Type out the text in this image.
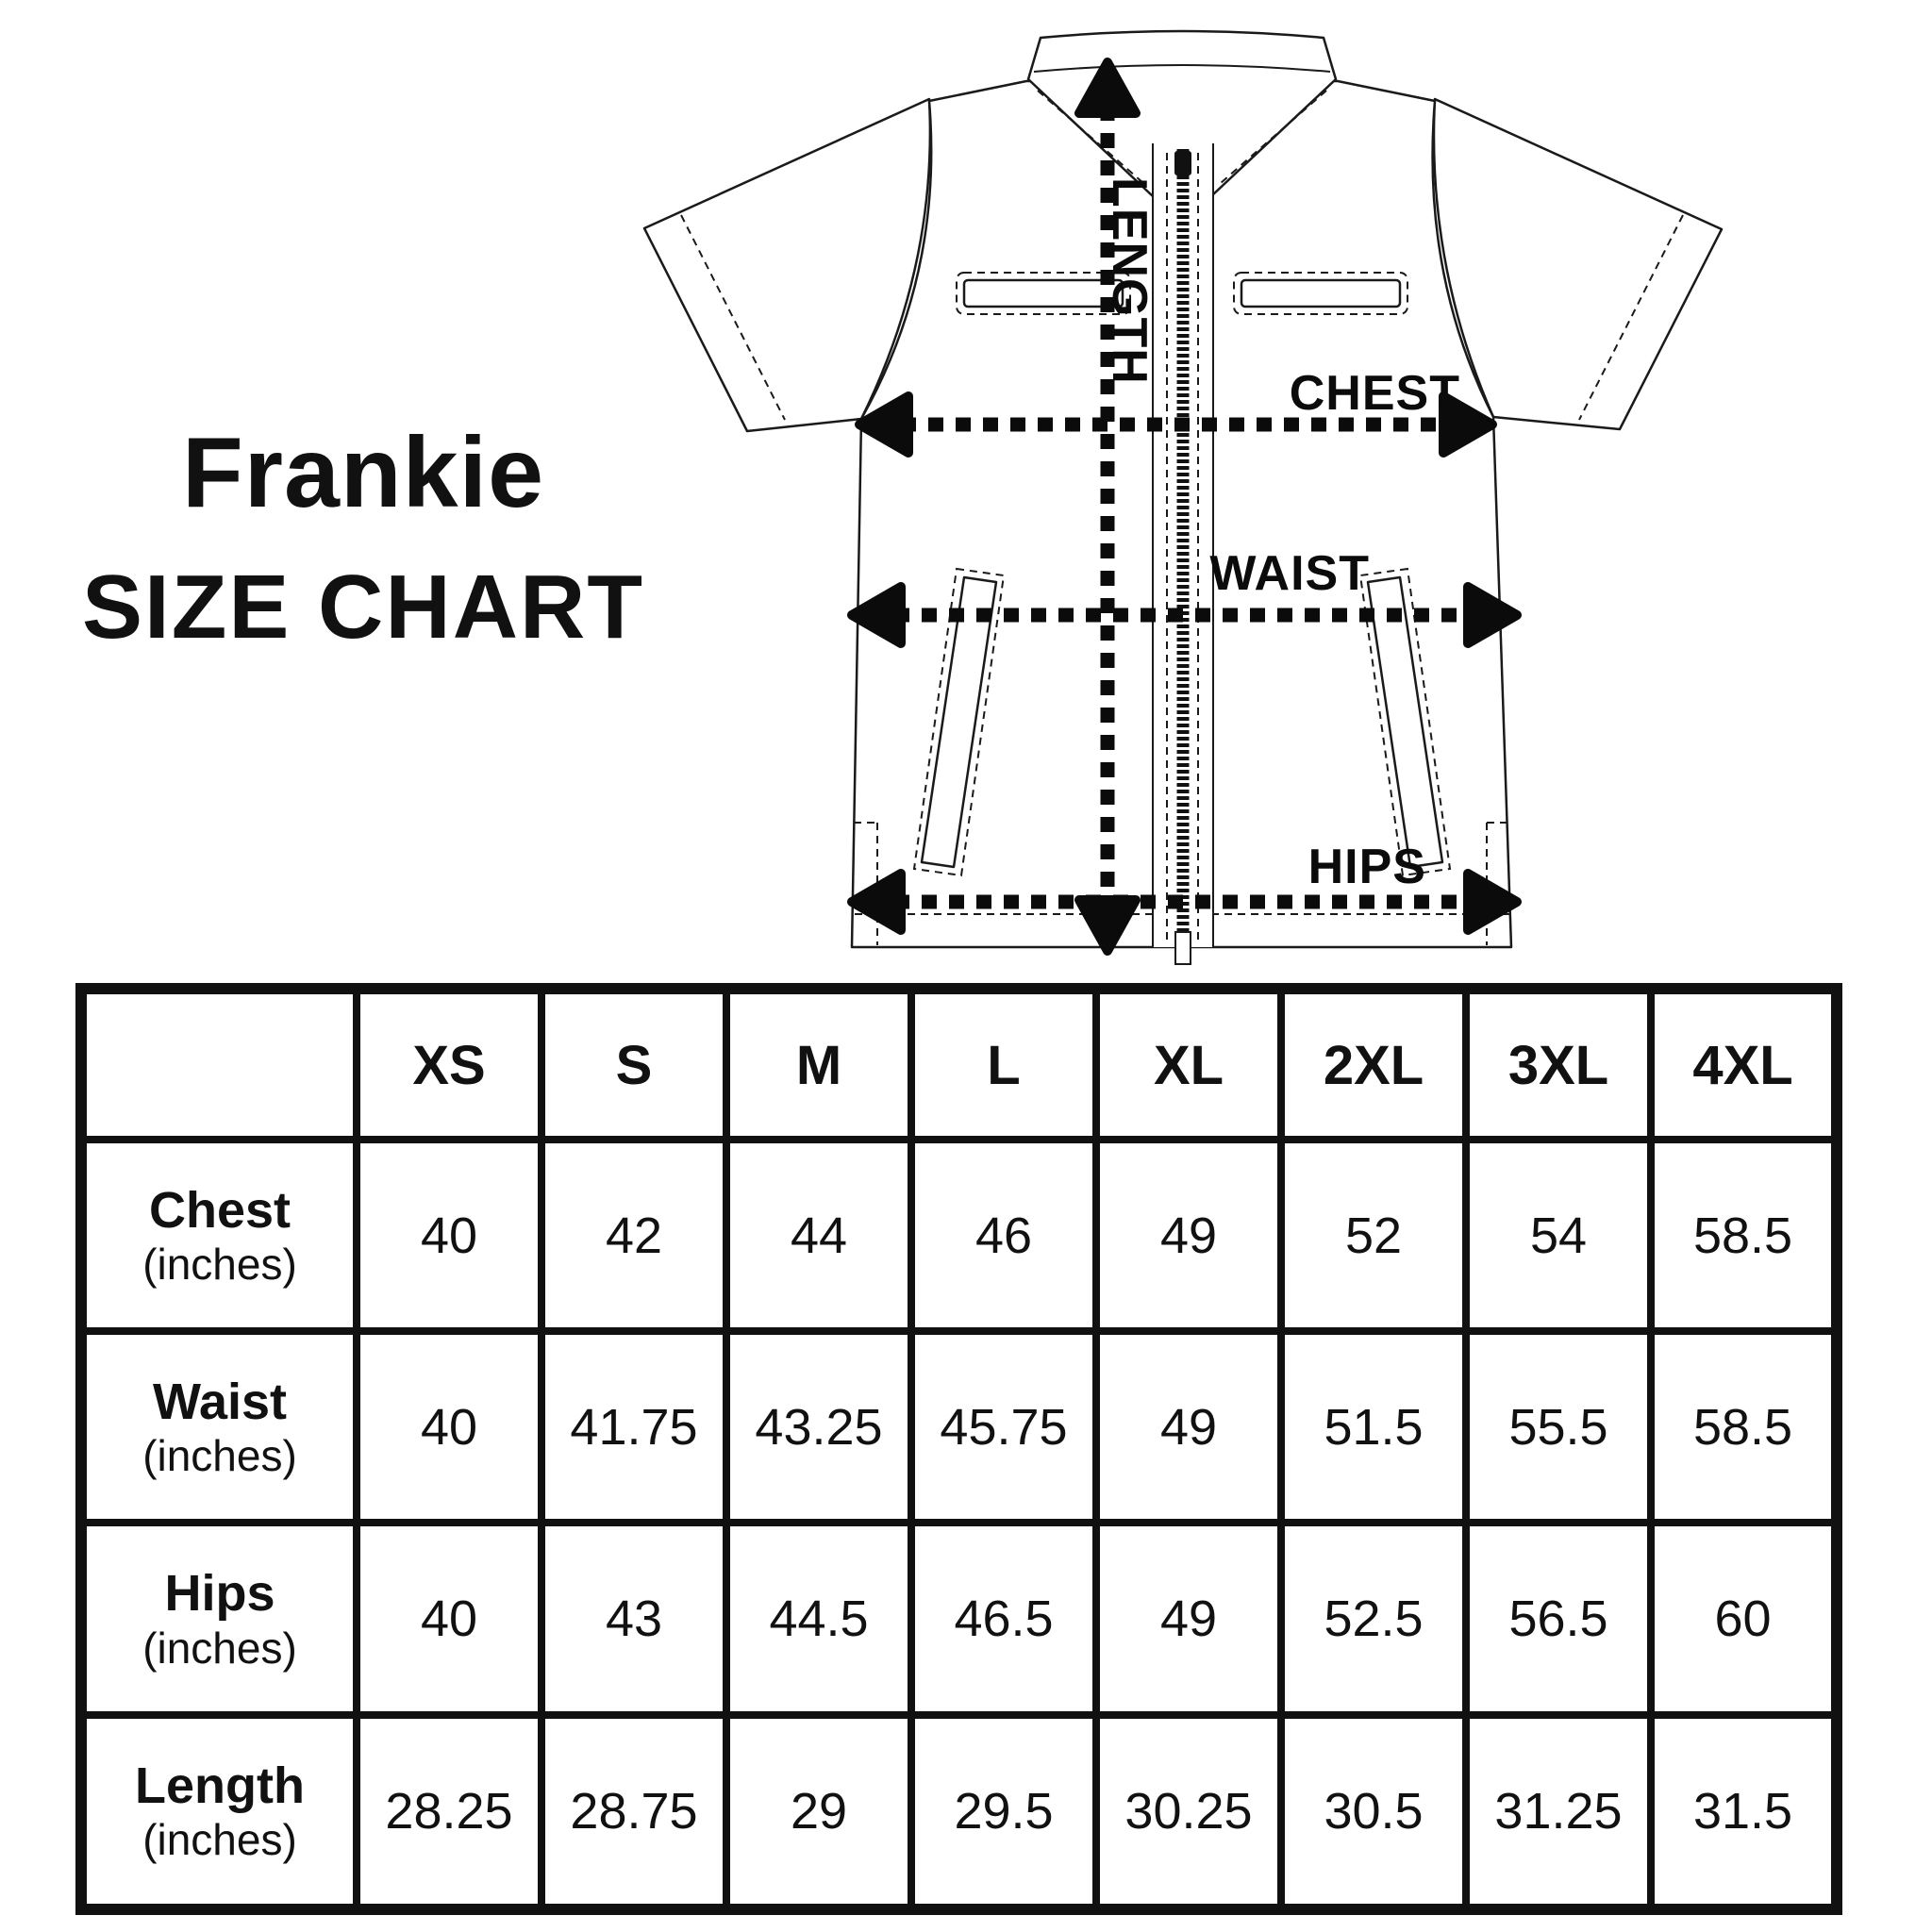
Frankie
SIZE CHART
LENGTH
CHEST
WAIST
HIPS
	XS	S	M	L	XL	2XL	3XL	4XL

Chest
(inches)	40	42	44	46	49	52	54	58.5

Waist
(inches)	40	41.75	43.25	45.75	49	51.5	55.5	58.5

Hips
(inches)	40	43	44.5	46.5	49	52.5	56.5	60

Length
(inches)	28.25	28.75	29	29.5	30.25	30.5	31.25	31.5
